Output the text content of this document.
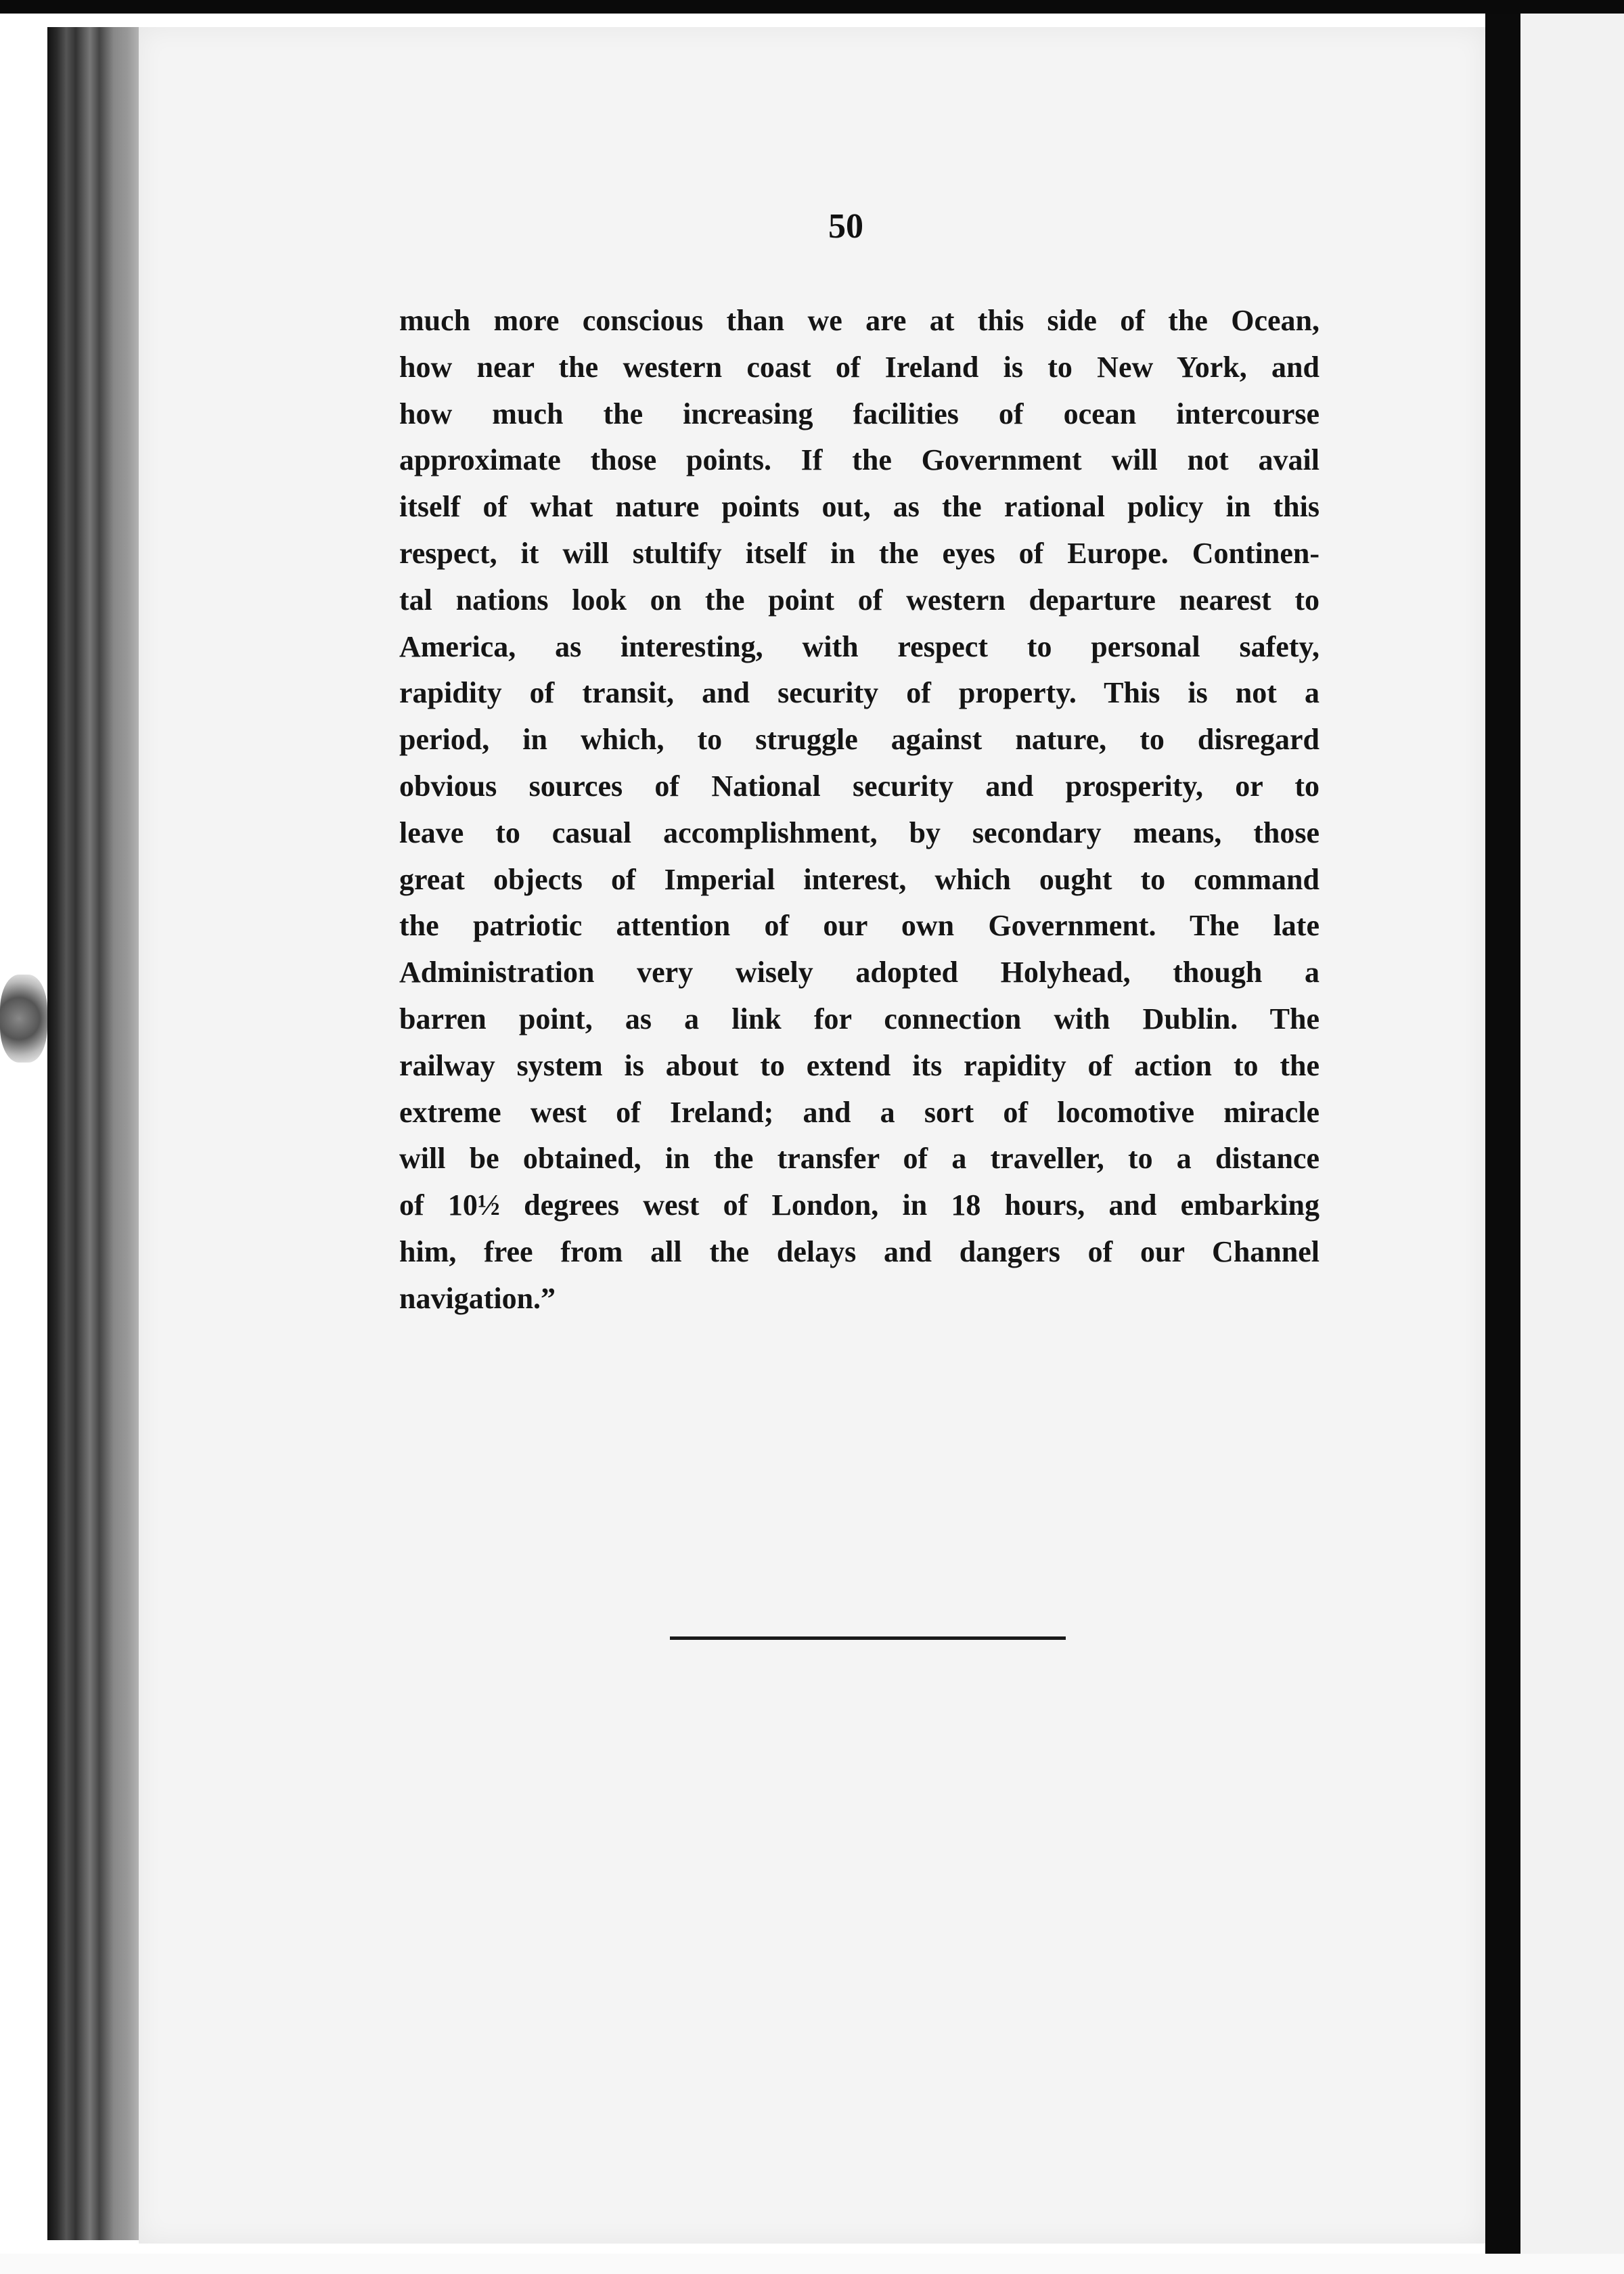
50
much more conscious than we are at this side of the Ocean,
how near the western coast of Ireland is to New York, and
how much the increasing facilities of ocean intercourse
approximate those points. If the Government will not avail
itself of what nature points out, as the rational policy in this
respect, it will stultify itself in the eyes of Europe. Continen-
tal nations look on the point of western departure nearest to
America, as interesting, with respect to personal safety,
rapidity of transit, and security of property. This is not a
period, in which, to struggle against nature, to disregard
obvious sources of National security and prosperity, or to
leave to casual accomplishment, by secondary means, those
great objects of Imperial interest, which ought to command
the patriotic attention of our own Government. The late
Administration very wisely adopted Holyhead, though a
barren point, as a link for connection with Dublin. The
railway system is about to extend its rapidity of action to the
extreme west of Ireland; and a sort of locomotive miracle
will be obtained, in the transfer of a traveller, to a distance
of 10½ degrees west of London, in 18 hours, and embarking
him, free from all the delays and dangers of our Channel
navigation.”
